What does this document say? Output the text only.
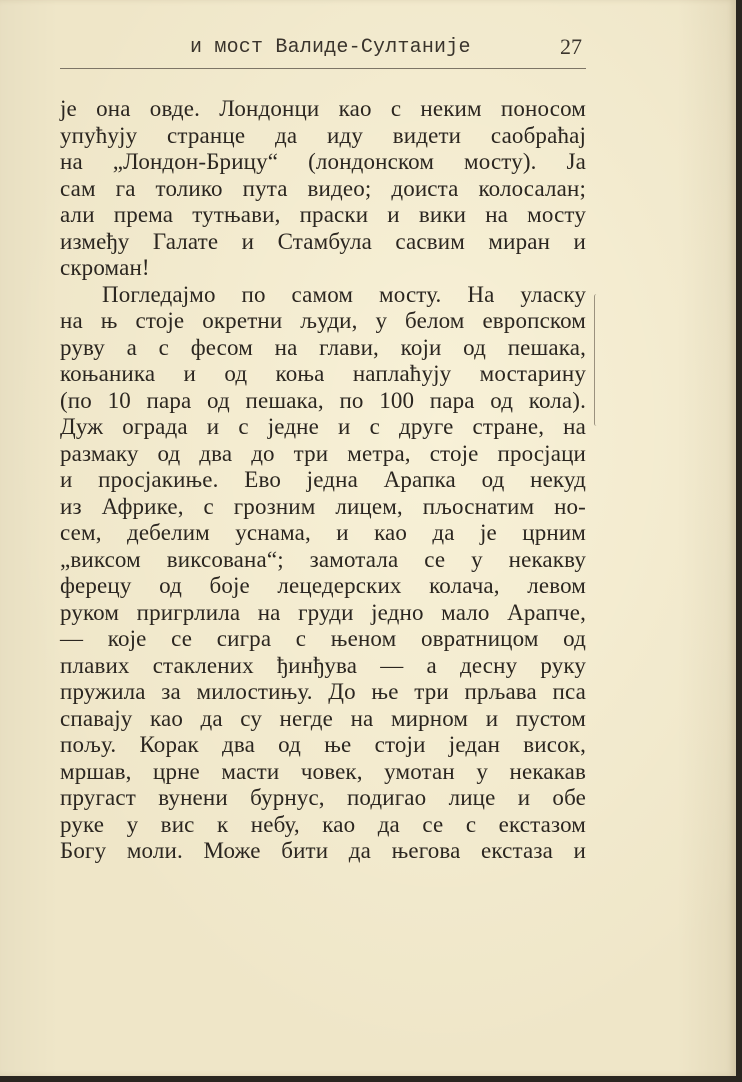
и мост Валиде-Султаније	27
је она овде. Лондонци као с неким поносом
упућују странце да иду видети саобраћај
на „Лондон-Брицу“ (лондонском мосту). Ја
сам га толико пута видео; доиста колосалан;
али према тутњави, праски и вики на мосту
између Галате и Стамбула сасвим миран и
скроман!
Погледајмо по самом мосту. На уласку
на њ стоје окретни људи, у белом европском
руву а с фесом на глави, који од пешака,
коњаника и од коња наплаћују мостарину
(по 10 пара од пешака, по 100 пара од кола).
Дуж ограда и с једне и с друге стране, на
размаку од два до три метра, стоје просјаци
и просјакиње. Ево једна Арапка од некуд
из Африке, с грозним лицем, пљоснатим но-
сем, дебелим уснама, и као да је црним
„виксом виксована“; замотала се у некакву
ферецу од боје лецедерских колача, левом
руком пригрлила на груди једно мало Арапче,
— које се сигра с њеном овратницом од
плавих стаклених ђинђува — а десну руку
пружила за милостињу. До ње три прљава пса
спавају као да су негде на мирном и пустом
пољу. Корак два од ње стоји један висок,
мршав, црне масти човек, умотан у некакав
пругаст вунени бурнус, подигао лице и обе
руке у вис к небу, као да се с екстазом
Богу моли. Може бити да његова екстаза и
